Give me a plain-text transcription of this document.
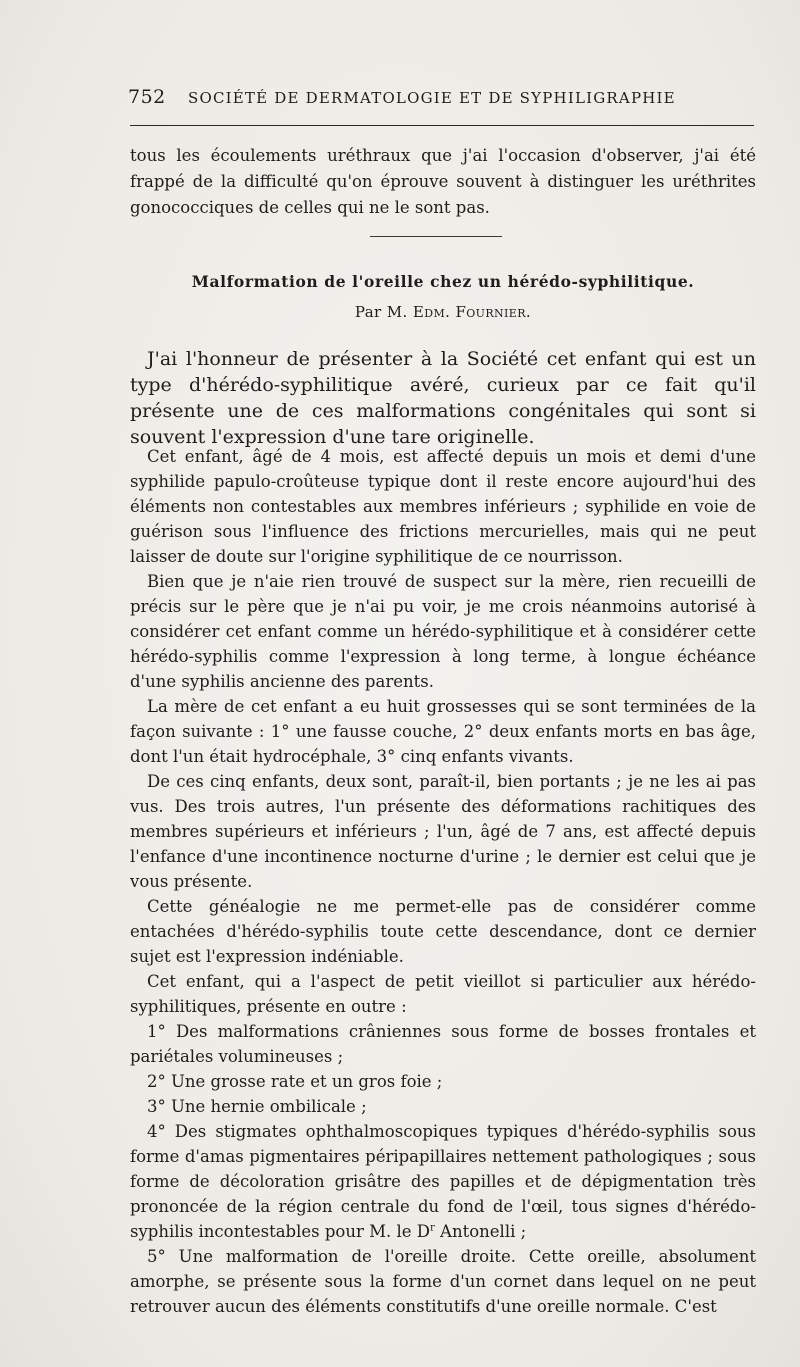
752 SOCIÉTÉ DE DERMATOLOGIE ET DE SYPHILIGRAPHIE
tous les écoulements uréthraux que j'ai l'occasion d'observer, j'ai été frappé de la difficulté qu'on éprouve souvent à distinguer les uréthrites gonococciques de celles qui ne le sont pas.
Malformation de l'oreille chez un hérédo-syphilitique.
Par M. Edm. Fournier.

J'ai l'honneur de présenter à la Société cet enfant qui est un type d'hérédo-syphilitique avéré, curieux par ce fait qu'il présente une de ces malformations congénitales qui sont si souvent l'expression d'une tare originelle.

Cet enfant, âgé de 4 mois, est affecté depuis un mois et demi d'une syphilide papulo-croûteuse typique dont il reste encore aujourd'hui des éléments non contestables aux membres inférieurs ; syphilide en voie de guérison sous l'influence des frictions mercurielles, mais qui ne peut laisser de doute sur l'origine syphilitique de ce nourrisson.

Bien que je n'aie rien trouvé de suspect sur la mère, rien recueilli de précis sur le père que je n'ai pu voir, je me crois néanmoins autorisé à considérer cet enfant comme un hérédo-syphilitique et à considérer cette hérédo-syphilis comme l'expression à long terme, à longue échéance d'une syphilis ancienne des parents.

La mère de cet enfant a eu huit grossesses qui se sont terminées de la façon suivante : 1° une fausse couche, 2° deux enfants morts en bas âge, dont l'un était hydrocéphale, 3° cinq enfants vivants.

De ces cinq enfants, deux sont, paraît-il, bien portants ; je ne les ai pas vus. Des trois autres, l'un présente des déformations rachitiques des membres supérieurs et inférieurs ; l'un, âgé de 7 ans, est affecté depuis l'enfance d'une incontinence nocturne d'urine ; le dernier est celui que je vous présente.

Cette généalogie ne me permet-elle pas de considérer comme entachées d'hérédo-syphilis toute cette descendance, dont ce dernier sujet est l'expression indéniable.

Cet enfant, qui a l'aspect de petit vieillot si particulier aux hérédo-syphilitiques, présente en outre :

1° Des malformations crâniennes sous forme de bosses frontales et pariétales volumineuses ;

2° Une grosse rate et un gros foie ;

3° Une hernie ombilicale ;

4° Des stigmates ophthalmoscopiques typiques d'hérédo-syphilis sous forme d'amas pigmentaires péripapillaires nettement pathologiques ; sous forme de décoloration grisâtre des papilles et de dépigmentation très prononcée de la région centrale du fond de l'œil, tous signes d'hérédo-syphilis incontestables pour M. le $D^r$ Antonelli ;

5° Une malformation de l'oreille droite. Cette oreille, absolument amorphe, se présente sous la forme d'un cornet dans lequel on ne peut retrouver aucun des éléments constitutifs d'une oreille normale. C'est
